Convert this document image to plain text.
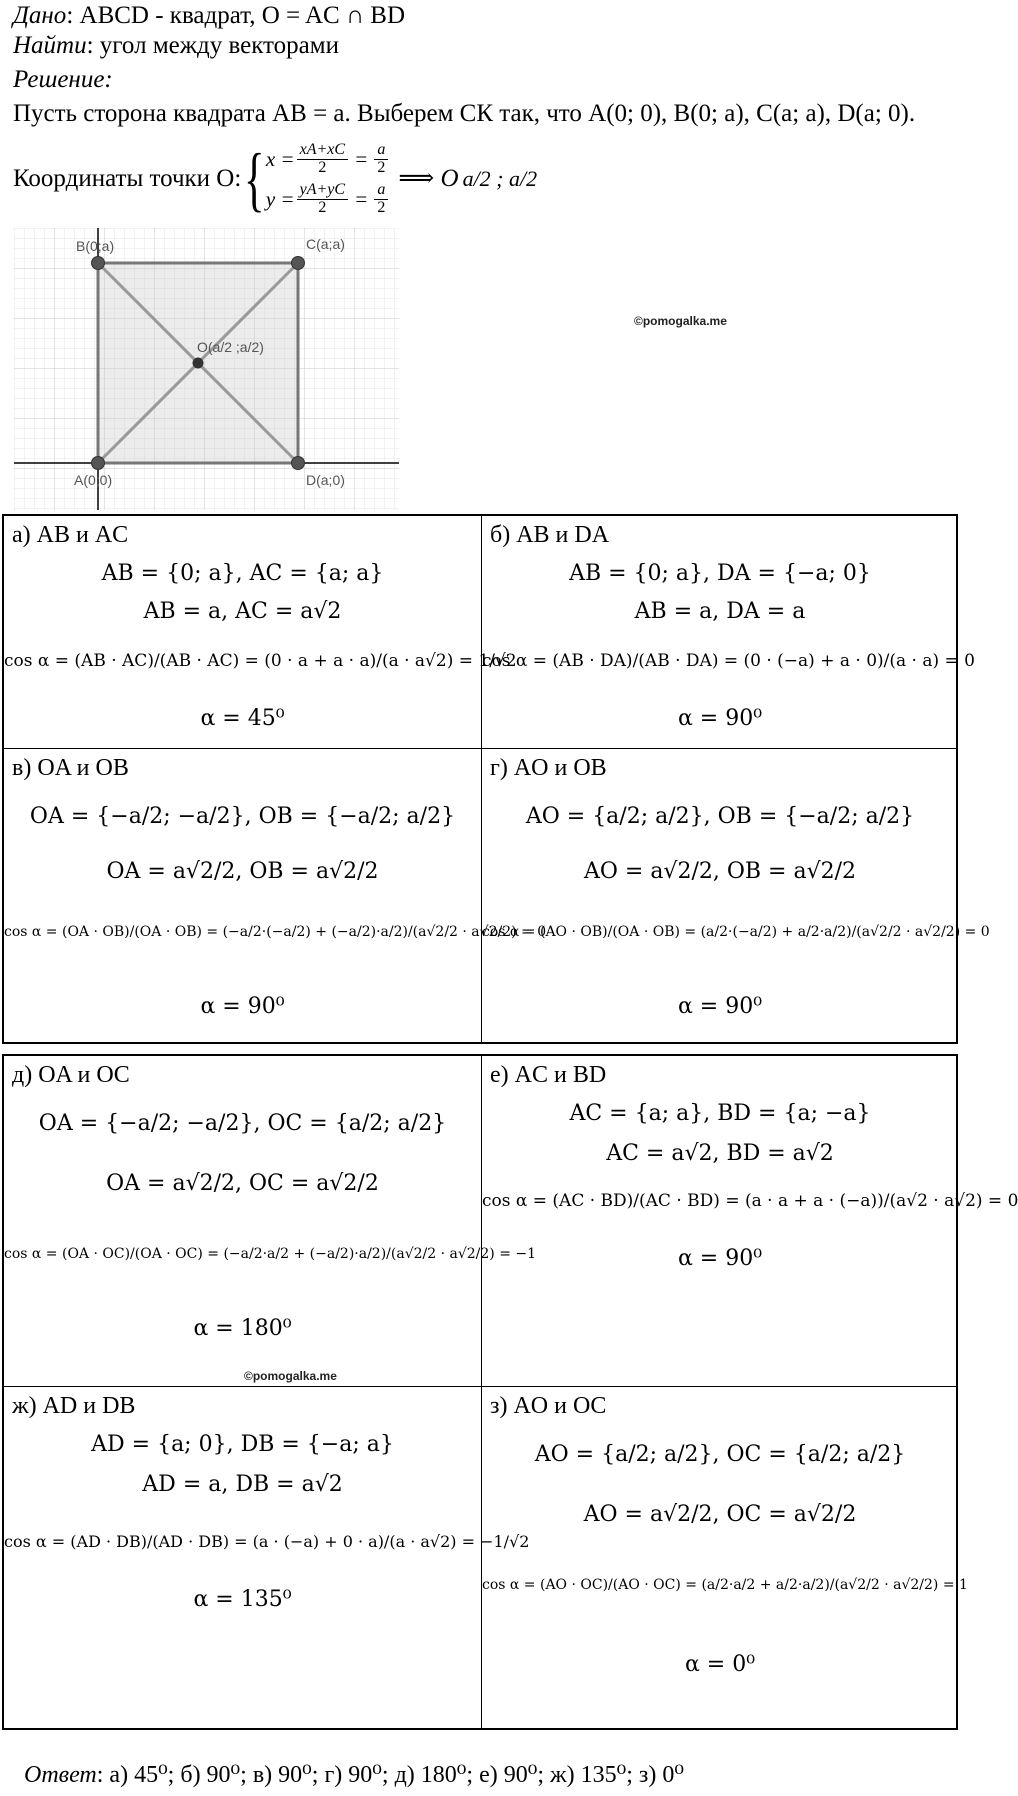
Дано: ABCD - квадрат, O = AC ∩ BD
Найти: угол между векторами
Решение:
Пусть сторона квадрата AB = a. Выберем СК так, что A(0; 0), B(0; a), C(a; a), D(a; 0).
Координаты точки O: { $x = \frac{xA+xC}{2} = \frac{a}{2}$
$y = \frac{yA+yC}{2} = \frac{a}{2}$
⟹ O a/2 ; a/2
B(0;a)	C(a;a)
O(a/2 ;a/2)
A(0;0)	D(a;0)
©pomogalka.me
а) AB и AC
AB = {0; a}, AC = {a; a}
AB = a, AC = a√2
cos α = (AB · AC)/(AB · AC) = (0 · a + a · a)/(a · a√2) = 1/√2
α = 45⁰
б) AB и DA
AB = {0; a}, DA = {−a; 0}
AB = a, DA = a
cos α = (AB · DA)/(AB · DA) = (0 · (−a) + a · 0)/(a · a) = 0
α = 90⁰
в) OA и OB
OA = {−a/2; −a/2}, OB = {−a/2; a/2}
OA = a√2/2, OB = a√2/2
cos α = (OA · OB)/(OA · OB) = (−a/2·(−a/2) + (−a/2)·a/2)/(a√2/2 · a√2/2) = 0
α = 90⁰
г) AO и OB
AO = {a/2; a/2}, OB = {−a/2; a/2}
AO = a√2/2, OB = a√2/2
cos α = (AO · OB)/(OA · OB) = (a/2·(−a/2) + a/2·a/2)/(a√2/2 · a√2/2) = 0
α = 90⁰
д) OA и OC
OA = {−a/2; −a/2}, OC = {a/2; a/2}
OA = a√2/2, OC = a√2/2
cos α = (OA · OC)/(OA · OC) = (−a/2·a/2 + (−a/2)·a/2)/(a√2/2 · a√2/2) = −1
α = 180⁰
©pomogalka.me
е) AC и BD
AC = {a; a}, BD = {a; −a}
AC = a√2, BD = a√2
cos α = (AC · BD)/(AC · BD) = (a · a + a · (−a))/(a√2 · a√2) = 0
α = 90⁰
ж) AD и DB
AD = {a; 0}, DB = {−a; a}
AD = a, DB = a√2
cos α = (AD · DB)/(AD · DB) = (a · (−a) + 0 · a)/(a · a√2) = −1/√2
α = 135⁰
з) AO и OC
AO = {a/2; a/2}, OC = {a/2; a/2}
AO = a√2/2, OC = a√2/2
cos α = (AO · OC)/(AO · OC) = (a/2·a/2 + a/2·a/2)/(a√2/2 · a√2/2) = 1
α = 0⁰
Ответ: а) 45⁰; б) 90⁰; в) 90⁰; г) 90⁰; д) 180⁰; е) 90⁰; ж) 135⁰; з) 0⁰
